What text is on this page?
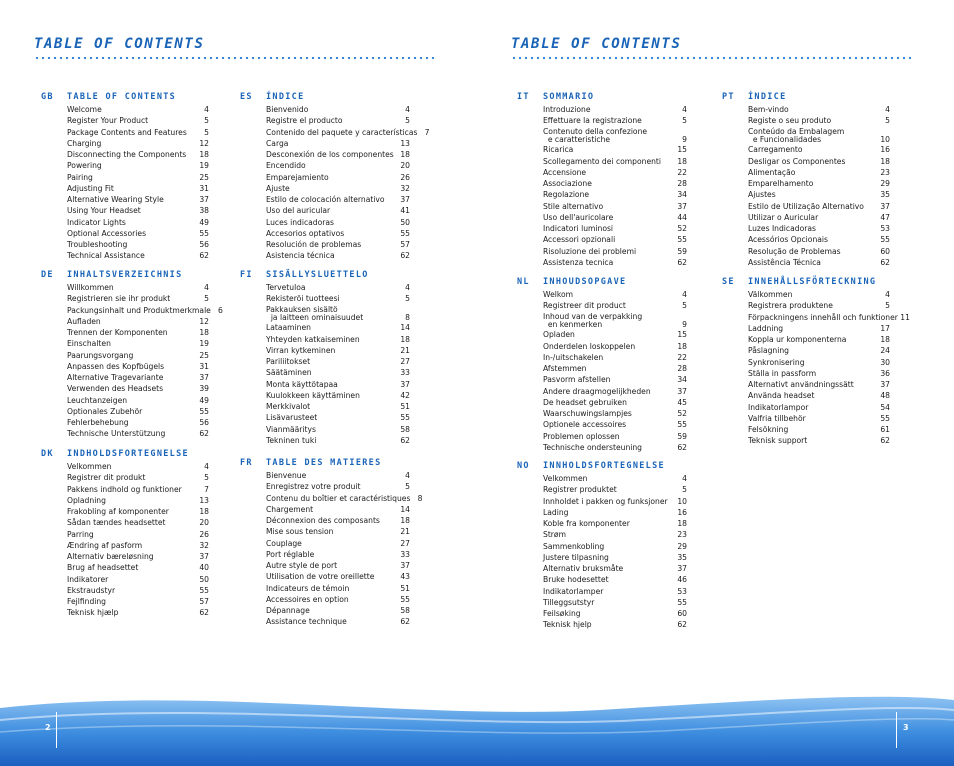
2	3
TABLE OF CONTENTS	TABLE OF CONTENTS
GB	TABLE OF CONTENTS
Welcome	4
Register Your Product	5
Package Contents and Features	5
Charging	12
Disconnecting the Components	18
Powering	19
Pairing	25
Adjusting Fit	31
Alternative Wearing Style	37
Using Your Headset	38
Indicator Lights	49
Optional Accessories	55
Troubleshooting	56
Technical Assistance	62
DE	INHALTSVERZEICHNIS
Willkommen	4
Registrieren sie ihr produkt	5
Packungsinhalt und Produktmerkmale 6
Aufladen	12
Trennen der Komponenten	18
Einschalten	19
Paarungsvorgang	25
Anpassen des Kopfbügels	31
Alternative Tragevariante	37
Verwenden des Headsets	39
Leuchtanzeigen	49
Optionales Zubehör	55
Fehlerbehebung	56
Technische Unterstützung	62
DK	INDHOLDSFORTEGNELSE
Velkommen	4
Registrer dit produkt	5
Pakkens indhold og funktioner	7
Opladning	13
Frakobling af komponenter	18
Sådan tændes headsettet	20
Parring	26
Ændring af pasform	32
Alternativ bæreløsning	37
Brug af headsettet	40
Indikatorer	50
Ekstraudstyr	55
Fejlfinding	57
Teknisk hjælp	62
ES	ÍNDICE
Bienvenido	4
Registre el producto	5
Contenido del paquete y características 7
Carga	13
Desconexión de los componentes 18
Encendido	20
Emparejamiento	26
Ajuste	32
Estilo de colocación alternativo	37
Uso del auricular	41
Luces indicadoras	50
Accesorios optativos	55
Resolución de problemas	57
Asistencia técnica	62
FI	SISÄLLYSLUETTELO
Tervetuloa	4
Rekisteröi tuotteesi	5
Pakkauksen sisältö
ja laitteen ominaisuudet	8
Lataaminen	14
Yhteyden katkaiseminen	18
Virran kytkeminen	21
Pariliitokset	27
Säätäminen	33
Monta käyttötapaa	37
Kuulokkeen käyttäminen	42
Merkkivalot	51
Lisävarusteet	55
Vianmääritys	58
Tekninen tuki	62
FR	TABLE DES MATIERES
Bienvenue	4
Enregistrez votre produit	5
Contenu du boîtier et caractéristiques 8
Chargement	14
Déconnexion des composants	18
Mise sous tension	21
Couplage	27
Port réglable	33
Autre style de port	37
Utilisation de votre oreillette	43
Indicateurs de témoin	51
Accessoires en option	55
Dépannage	58
Assistance technique	62
IT	SOMMARIO
Introduzione	4
Effettuare la registrazione	5
Contenuto della confezione
e caratteristiche	9
Ricarica	15
Scollegamento dei componenti	18
Accensione	22
Associazione	28
Regolazione	34
Stile alternativo	37
Uso dell'auricolare	44
Indicatori luminosi	52
Accessori opzionali	55
Risoluzione dei problemi	59
Assistenza tecnica	62
NL	INHOUDSOPGAVE
Welkom	4
Registreer dit product	5
Inhoud van de verpakking
en kenmerken	9
Opladen	15
Onderdelen loskoppelen	18
In-/uitschakelen	22
Afstemmen	28
Pasvorm afstellen	34
Andere draagmogelijkheden	37
De headset gebruiken	45
Waarschuwingslampjes	52
Optionele accessoires	55
Problemen oplossen	59
Technische ondersteuning	62
NO	INNHOLDSFORTEGNELSE
Velkommen	4
Registrer produktet	5
Innholdet i pakken og funksjoner	10
Lading	16
Koble fra komponenter	18
Strøm	23
Sammenkobling	29
Justere tilpasning	35
Alternativ bruksmåte	37
Bruke hodesettet	46
Indikatorlamper	53
Tilleggsutstyr	55
Feilsøking	60
Teknisk hjelp	62
PT	ÍNDICE
Bem-vindo	4
Registe o seu produto	5
Conteúdo da Embalagem
e Funcionalidades	10
Carregamento	16
Desligar os Componentes	18
Alimentação	23
Emparelhamento	29
Ajustes	35
Estilo de Utilização Alternativo	37
Utilizar o Auricular	47
Luzes Indicadoras	53
Acessórios Opcionais	55
Resolução de Problemas	60
Assistência Técnica	62
SE	INNEHÅLLSFÖRTECKNING
Välkommen	4
Registrera produktene	5
Förpackningens innehåll och funktioner 11
Laddning	17
Koppla ur komponenterna	18
Påslagning	24
Synkronisering	30
Ställa in passform	36
Alternativt användningssätt	37
Använda headset	48
Indikatorlampor	54
Valfria tillbehör	55
Felsökning	61
Teknisk support	62
